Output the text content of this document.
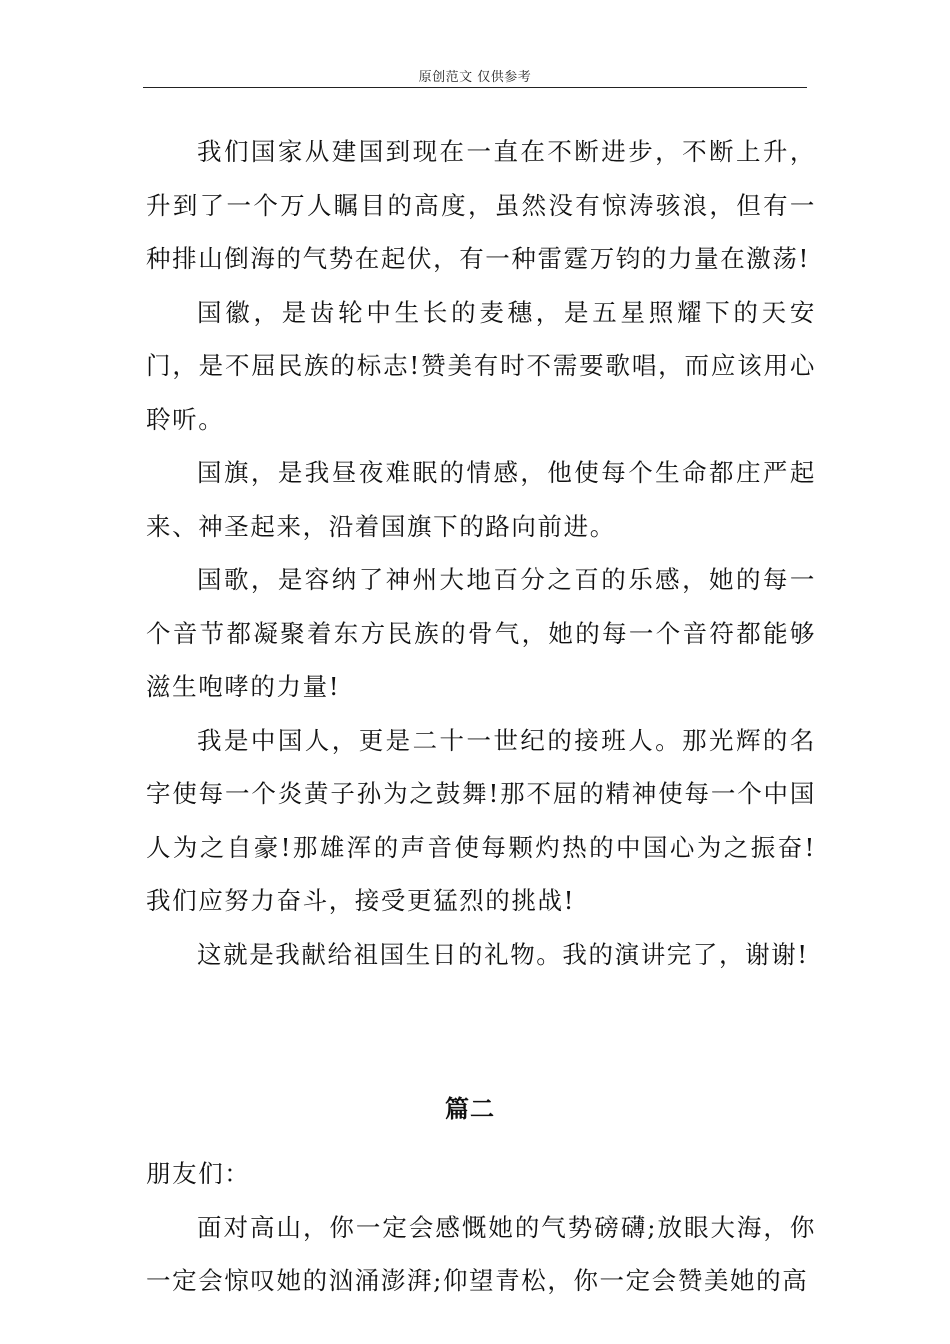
原创范文 仅供参考

我们国家从建国到现在一直在不断进步，不断上升，升到了一个万人瞩目的高度，虽然没有惊涛骇浪，但有一种排山倒海的气势在起伏，有一种雷霆万钧的力量在激荡!

国徽，是齿轮中生长的麦穗，是五星照耀下的天安门，是不屈民族的标志!赞美有时不需要歌唱，而应该用心聆听。

国旗，是我昼夜难眠的情感，他使每个生命都庄严起来、神圣起来，沿着国旗下的路向前进。

国歌，是容纳了神州大地百分之百的乐感，她的每一个音节都凝聚着东方民族的骨气，她的每一个音符都能够滋生咆哮的力量!

我是中国人，更是二十一世纪的接班人。那光辉的名字使每一个炎黄子孙为之鼓舞!那不屈的精神使每一个中国人为之自豪!那雄浑的声音使每颗灼热的中国心为之振奋!我们应努力奋斗，接受更猛烈的挑战!

这就是我献给祖国生日的礼物。我的演讲完了，谢谢!

篇二

朋友们：

面对高山，你一定会感慨她的气势磅礴;放眼大海，你一定会惊叹她的汹涌澎湃;仰望青松，你一定会赞美她的高
